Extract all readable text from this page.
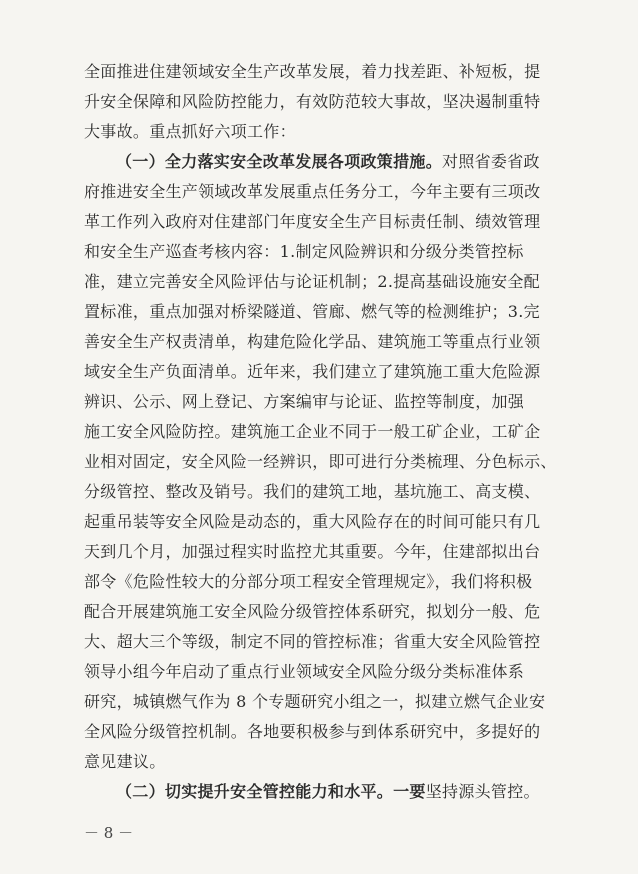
全面推进住建领域安全生产改革发展，着力找差距、补短板，提
升安全保障和风险防控能力，有效防范较大事故，坚决遏制重特
大事故。重点抓好六项工作：
（一）全力落实安全改革发展各项政策措施。对照省委省政
府推进安全生产领域改革发展重点任务分工，今年主要有三项改
革工作列入政府对住建部门年度安全生产目标责任制、绩效管理
和安全生产巡查考核内容：1.制定风险辨识和分级分类管控标
准，建立完善安全风险评估与论证机制；2.提高基础设施安全配
置标准，重点加强对桥梁隧道、管廊、燃气等的检测维护；3.完
善安全生产权责清单，构建危险化学品、建筑施工等重点行业领
域安全生产负面清单。近年来，我们建立了建筑施工重大危险源
辨识、公示、网上登记、方案编审与论证、监控等制度，加强
施工安全风险防控。建筑施工企业不同于一般工矿企业，工矿企
业相对固定，安全风险一经辨识，即可进行分类梳理、分色标示、
分级管控、整改及销号。我们的建筑工地，基坑施工、高支模、
起重吊装等安全风险是动态的，重大风险存在的时间可能只有几
天到几个月，加强过程实时监控尤其重要。今年，住建部拟出台
部令《危险性较大的分部分项工程安全管理规定》，我们将积极
配合开展建筑施工安全风险分级管控体系研究，拟划分一般、危
大、超大三个等级，制定不同的管控标准；省重大安全风险管控
领导小组今年启动了重点行业领域安全风险分级分类标准体系
研究，城镇燃气作为 8 个专题研究小组之一，拟建立燃气企业安
全风险分级管控机制。各地要积极参与到体系研究中，多提好的
意见建议。
（二）切实提升安全管控能力和水平。一要坚持源头管控。
－ 8 －
